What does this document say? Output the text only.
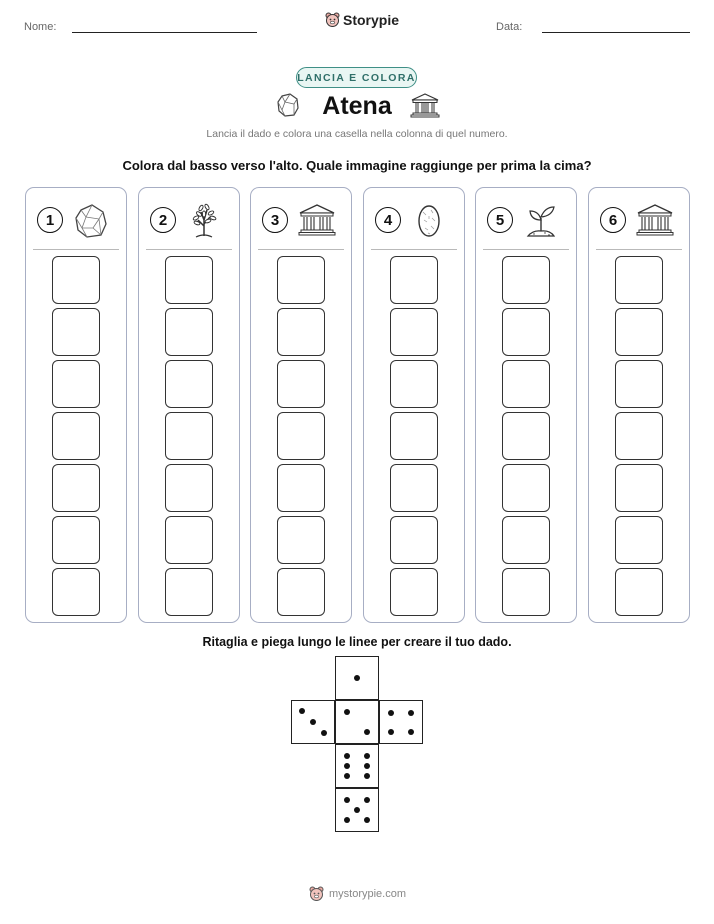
Nome:	Data:
Storypie
LANCIA E COLORA
Atena
Lancia il dado e colora una casella nella colonna di quel numero.
Colora dal basso verso l'alto. Quale immagine raggiunge per prima la cima?
1	2	3	4	5	6
Ritaglia e piega lungo le linee per creare il tuo dado.
mystorypie.com
